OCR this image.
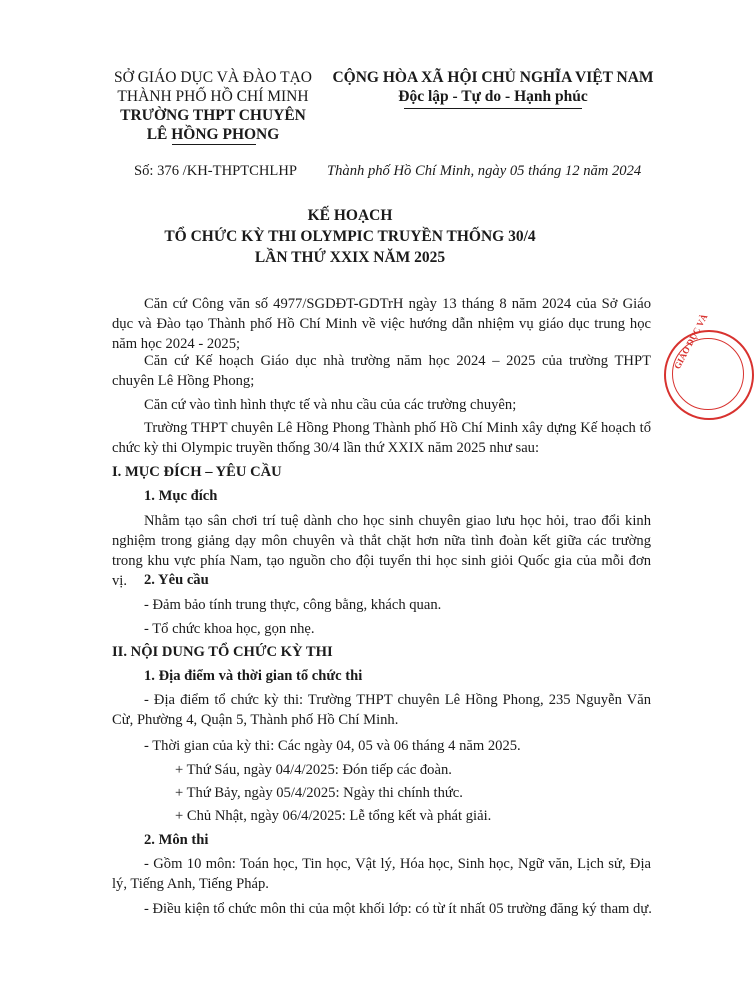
SỞ GIÁO DỤC VÀ ĐÀO TẠO
THÀNH PHỐ HỒ CHÍ MINH
TRƯỜNG THPT CHUYÊN
LÊ HỒNG PHONG
CỘNG HÒA XÃ HỘI CHỦ NGHĨA VIỆT NAM
Độc lập - Tự do - Hạnh phúc
Số: 376 /KH-THPTCHLHP Thành phố Hồ Chí Minh, ngày 05 tháng 12 năm 2024
KẾ HOẠCH
TỔ CHỨC KỲ THI OLYMPIC TRUYỀN THỐNG 30/4
LẦN THỨ XXIX NĂM 2025
Căn cứ Công văn số 4977/SGDĐT-GDTrH ngày 13 tháng 8 năm 2024 của Sở Giáo dục và Đào tạo Thành phố Hồ Chí Minh về việc hướng dẫn nhiệm vụ giáo dục trung học năm học 2024 - 2025;
Căn cứ Kế hoạch Giáo dục nhà trường năm học 2024 – 2025 của trường THPT chuyên Lê Hồng Phong;
Căn cứ vào tình hình thực tế và nhu cầu của các trường chuyên;
Trường THPT chuyên Lê Hồng Phong Thành phố Hồ Chí Minh xây dựng Kế hoạch tổ chức kỳ thi Olympic truyền thống 30/4 lần thứ XXIX năm 2025 như sau:
I. MỤC ĐÍCH – YÊU CẦU
1. Mục đích
Nhằm tạo sân chơi trí tuệ dành cho học sinh chuyên giao lưu học hỏi, trao đổi kinh nghiệm trong giảng dạy môn chuyên và thắt chặt hơn nữa tình đoàn kết giữa các trường trong khu vực phía Nam, tạo nguồn cho đội tuyển thi học sinh giỏi Quốc gia của mỗi đơn vị.	2. Yêu cầu
- Đảm bảo tính trung thực, công bằng, khách quan.
- Tổ chức khoa học, gọn nhẹ.
II. NỘI DUNG TỔ CHỨC KỲ THI
1. Địa điểm và thời gian tổ chức thi
- Địa điểm tổ chức kỳ thi: Trường THPT chuyên Lê Hồng Phong, 235 Nguyễn Văn Cừ, Phường 4, Quận 5, Thành phố Hồ Chí Minh.
- Thời gian của kỳ thi: Các ngày 04, 05 và 06 tháng 4 năm 2025.
+ Thứ Sáu, ngày 04/4/2025: Đón tiếp các đoàn.
+ Thứ Bảy, ngày 05/4/2025: Ngày thi chính thức.
+ Chủ Nhật, ngày 06/4/2025: Lễ tổng kết và phát giải.
2. Môn thi
- Gồm 10 môn: Toán học, Tin học, Vật lý, Hóa học, Sinh học, Ngữ văn, Lịch sử, Địa lý, Tiếng Anh, Tiếng Pháp.
- Điều kiện tổ chức môn thi của một khối lớp: có từ ít nhất 05 trường đăng ký tham dự.
GIÁO DỤC VÀ
